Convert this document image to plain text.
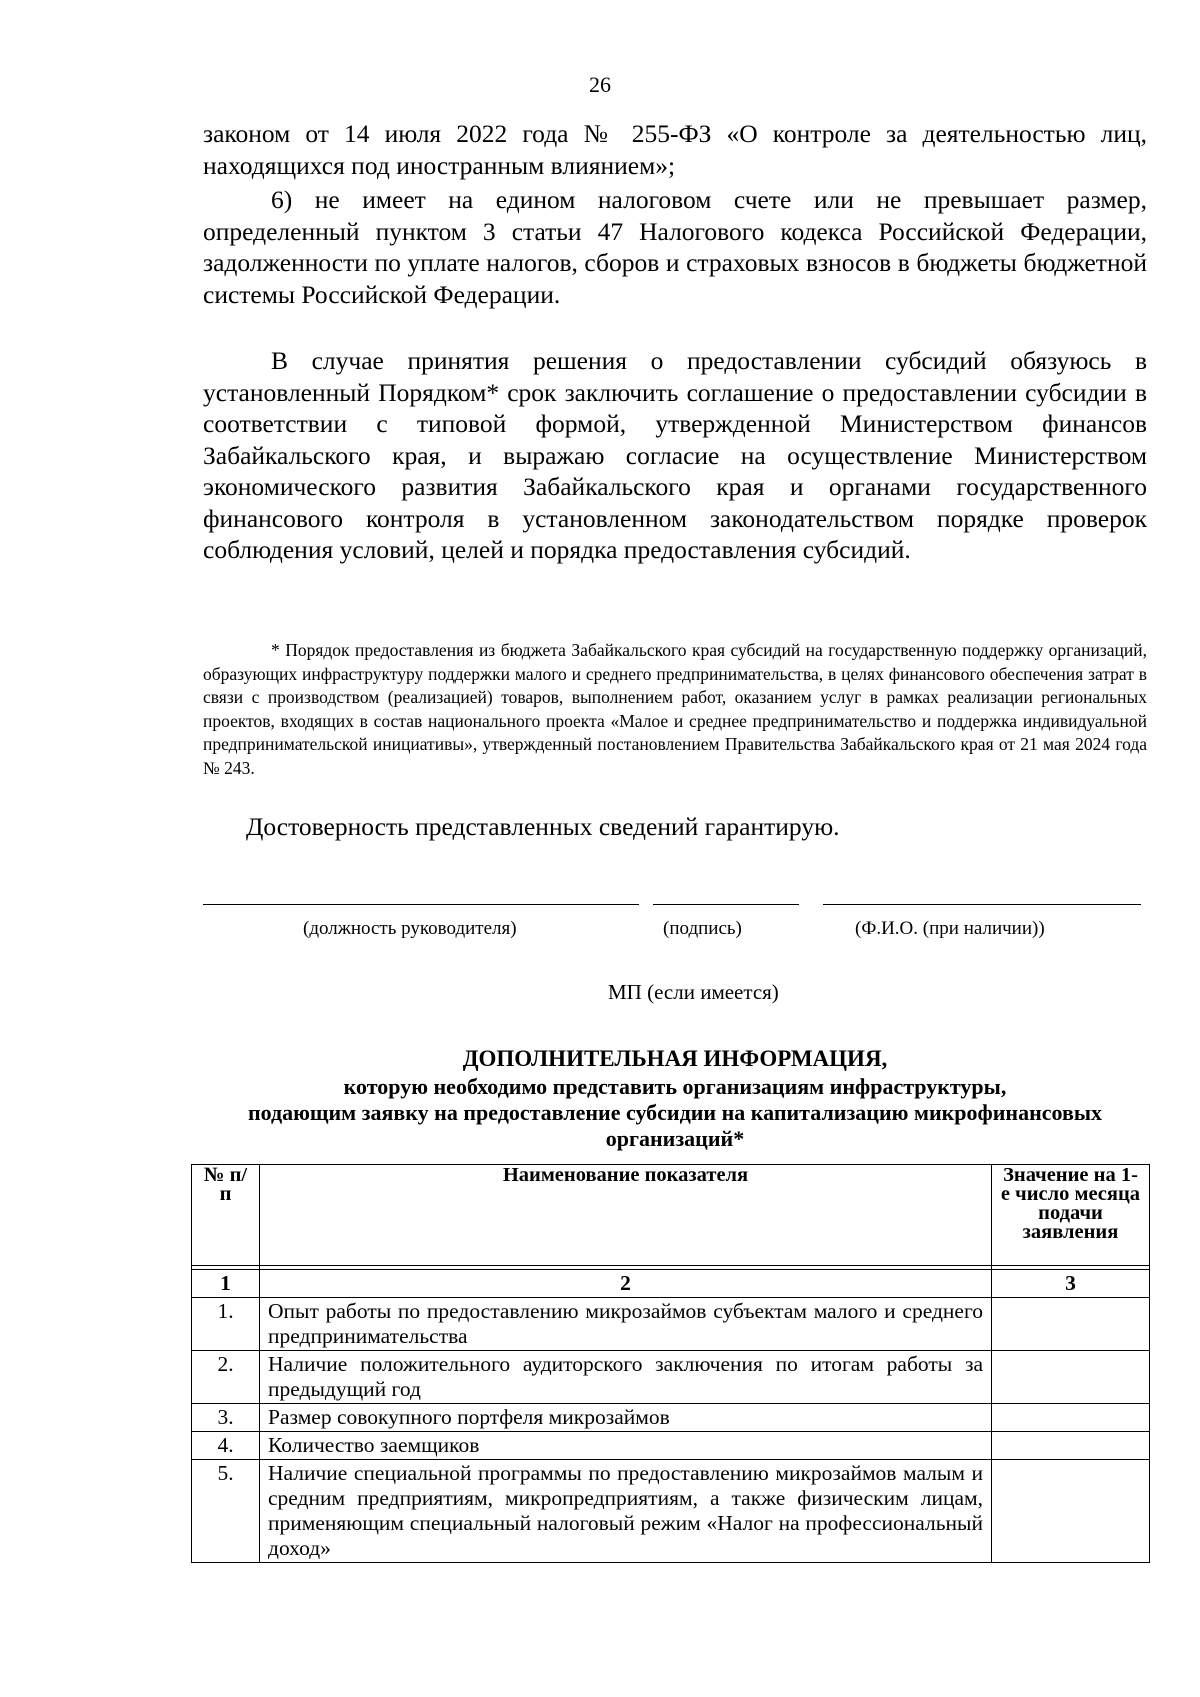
26

законом от 14 июля 2022 года № 255-ФЗ «О контроле за деятельностью лиц, находящихся под иностранным влиянием»;

6) не имеет на едином налоговом счете или не превышает размер, определенный пунктом 3 статьи 47 Налогового кодекса Российской Федерации, задолженности по уплате налогов, сборов и страховых взносов в бюджеты бюджетной системы Российской Федерации.

В случае принятия решения о предоставлении субсидий обязуюсь в установленный Порядком* срок заключить соглашение о предоставлении субсидии в соответствии с типовой формой, утвержденной Министерством финансов Забайкальского края, и выражаю согласие на осуществление Министерством экономического развития Забайкальского края и органами государственного финансового контроля в установленном законодательством порядке проверок соблюдения условий, целей и порядка предоставления субсидий.

* Порядок предоставления из бюджета Забайкальского края субсидий на государственную поддержку организаций, образующих инфраструктуру поддержки малого и среднего предпринимательства, в целях финансового обеспечения затрат в связи с производством (реализацией) товаров, выполнением работ, оказанием услуг в рамках реализации региональных проектов, входящих в состав национального проекта «Малое и среднее предпринимательство и поддержка индивидуальной предпринимательской инициативы», утвержденный постановлением Правительства Забайкальского края от 21 мая 2024 года № 243.

Достоверность представленных сведений гарантирую.

(должность руководителя)	(подпись)	(Ф.И.О. (при наличии))
МП (если имеется)
ДОПОЛНИТЕЛЬНАЯ ИНФОРМАЦИЯ,
которую необходимо представить организациям инфраструктуры,
подающим заявку на предоставление субсидии на капитализацию микрофинансовых организаций*
№ п/п	Наименование показателя	Значение на 1-е число месяца подачи заявления

1	2	3
1.	Опыт работы по предоставлению микрозаймов субъектам малого и среднего предпринимательства	
2.	Наличие положительного аудиторского заключения по итогам работы за предыдущий год	
3.	Размер совокупного портфеля микрозаймов	
4.	Количество заемщиков	
5.	Наличие специальной программы по предоставлению микрозаймов малым и средним предприятиям, микропредприятиям, а также физическим лицам, применяющим специальный налоговый режим «Налог на профессиональный доход»	
